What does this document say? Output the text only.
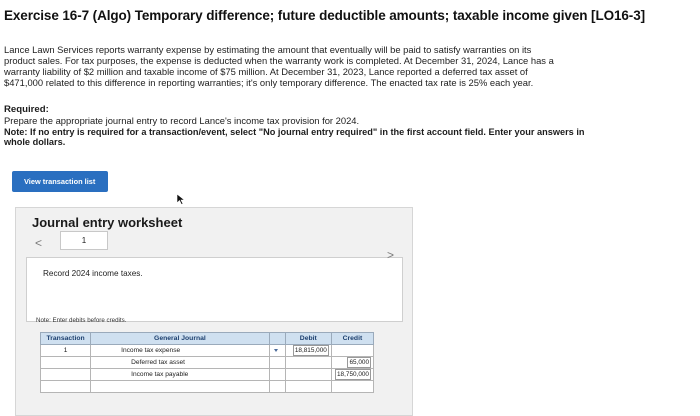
Exercise 16-7 (Algo) Temporary difference; future deductible amounts; taxable income given [LO16-3]

Lance Lawn Services reports warranty expense by estimating the amount that eventually will be paid to satisfy warranties on its

product sales. For tax purposes, the expense is deducted when the warranty work is completed. At December 31, 2024, Lance has a

warranty liability of $2 million and taxable income of $75 million. At December 31, 2023, Lance reported a deferred tax asset of

$471,000 related to this difference in reporting warranties; it's only temporary difference. The enacted tax rate is 25% each year.

Required:
Prepare the appropriate journal entry to record Lance's income tax provision for 2024.
Note: If no entry is required for a transaction/event, select "No journal entry required" in the first account field. Enter your answers in whole dollars.
View transaction list
Journal entry worksheet
<	1
Record 2024 income taxes.
Note: Enter debits before credits.
Transaction	General Journal		Debit	Credit
1	Income tax expense		18,815,000	

	Deferred tax asset			65,000

	Income tax payable			18,750,000

>
